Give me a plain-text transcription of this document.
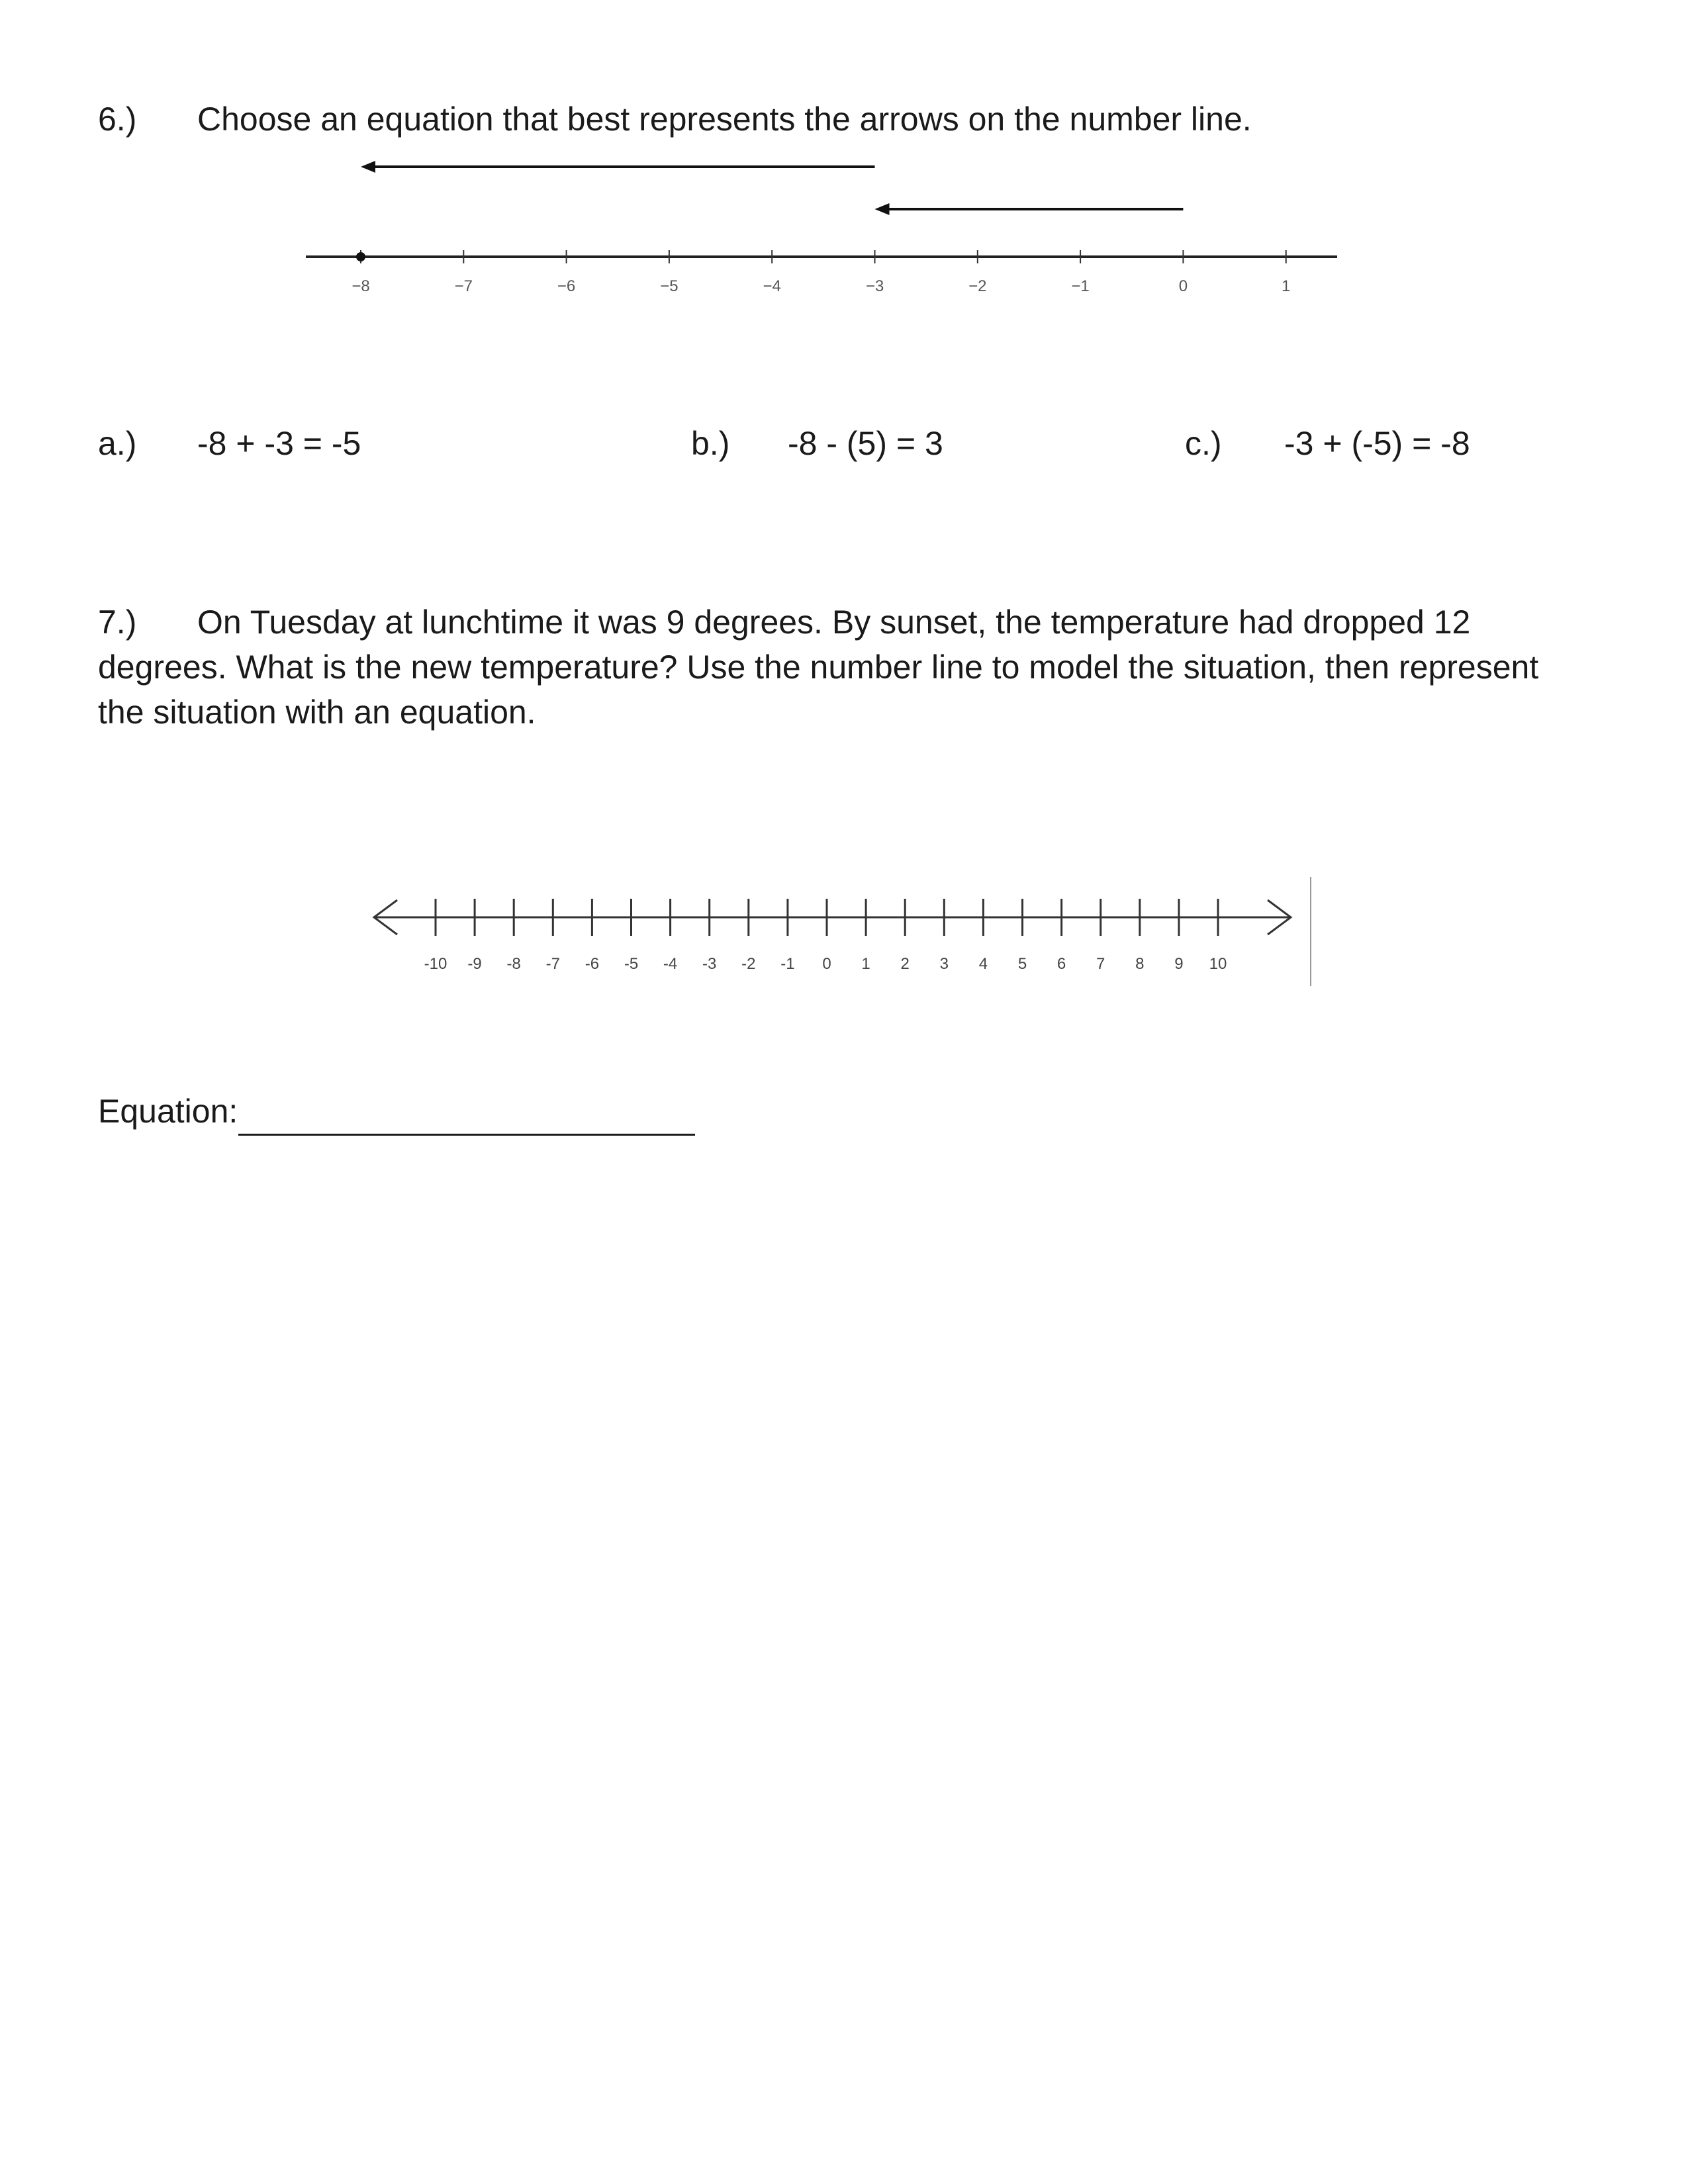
6.) Choose an equation that best represents the arrows on the number line.
−8	−7	−6	−5	−4	−3	−2	−1	0	1
a.) -8 + -3 = -5	b.) -8 - (5) = 3	c.) -3 + (-5) = -8
7.) On Tuesday at lunchtime it was 9 degrees. By sunset, the temperature had dropped 12 degrees. What is the new temperature? Use the number line to model the situation, then represent the situation with an equation.
-10 -9 -8 -7 -6 -5 -4 -3 -2 -1 0 1 2 3 4 5 6 7 8 9 10
Equation:
